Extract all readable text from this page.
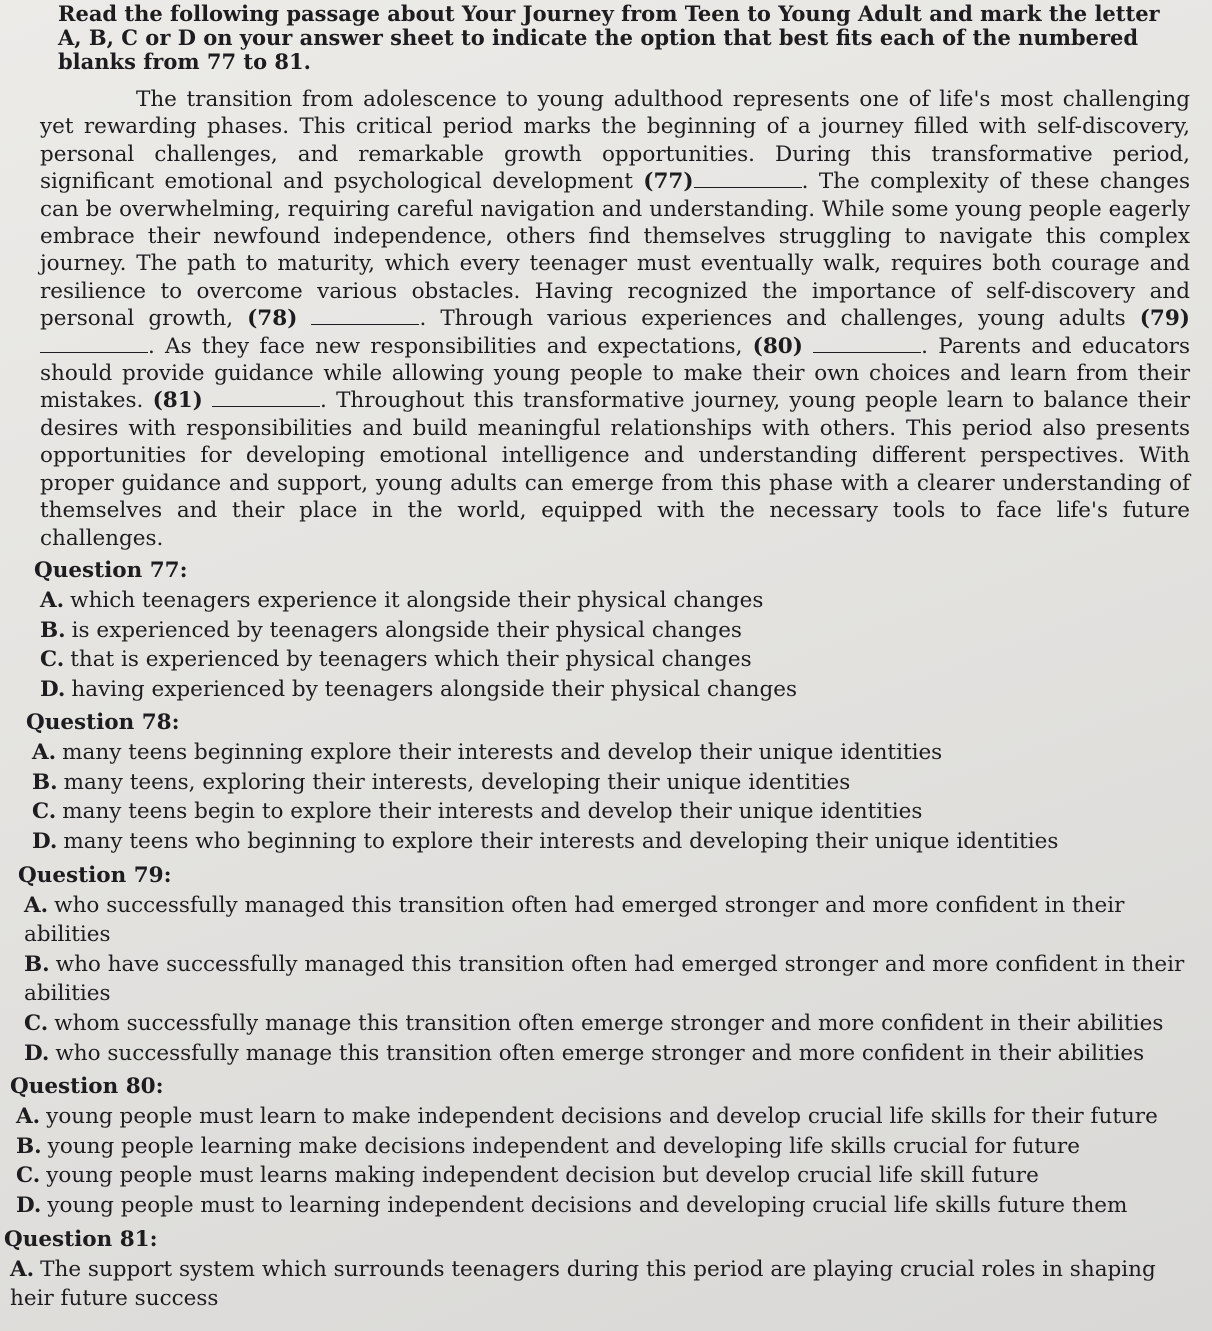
Read the following passage about Your Journey from Teen to Young Adult and mark the letter A, B, C or D on your answer sheet to indicate the option that best fits each of the numbered blanks from 77 to 81.
The transition from adolescence to young adulthood represents one of life's most challenging yet rewarding phases. This critical period marks the beginning of a journey filled with self-discovery, personal challenges, and remarkable growth opportunities. During this transformative period, significant emotional and psychological development (77)	. The complexity of these changes can be overwhelming, requiring careful navigation and understanding. While some young people eagerly embrace their newfound independence, others find themselves struggling to navigate this complex journey. The path to maturity, which every teenager must eventually walk, requires both courage and resilience to overcome various obstacles. Having recognized the importance of self-discovery and personal growth, (78)	. Through various experiences and challenges, young adults (79). As they face new responsibilities and expectations, (80)	. Parents and educators should provide guidance while allowing young people to make their own choices and learn from their mistakes. (81)	. Throughout this transformative journey, young people learn to balance their desires with responsibilities and build meaningful relationships with others. This period also presents opportunities for developing emotional intelligence and understanding different perspectives. With proper guidance and support, young adults can emerge from this phase with a clearer understanding of themselves and their place in the world, equipped with the necessary tools to face life's future challenges.
Question 77:
A. which teenagers experience it alongside their physical changes
B. is experienced by teenagers alongside their physical changes
C. that is experienced by teenagers which their physical changes
D. having experienced by teenagers alongside their physical changes
Question 78:
A. many teens beginning explore their interests and develop their unique identities
B. many teens, exploring their interests, developing their unique identities
C. many teens begin to explore their interests and develop their unique identities
D. many teens who beginning to explore their interests and developing their unique identities
Question 79:
A. who successfully managed this transition often had emerged stronger and more confident in their abilities
B. who have successfully managed this transition often had emerged stronger and more confident in their abilities
C. whom successfully manage this transition often emerge stronger and more confident in their abilities
D. who successfully manage this transition often emerge stronger and more confident in their abilities
Question 80:
A. young people must learn to make independent decisions and develop crucial life skills for their future
B. young people learning make decisions independent and developing life skills crucial for future
C. young people must learns making independent decision but develop crucial life skill future
D. young people must to learning independent decisions and developing crucial life skills future them
Question 81:
A. The support system which surrounds teenagers during this period are playing crucial roles in shaping heir future success
